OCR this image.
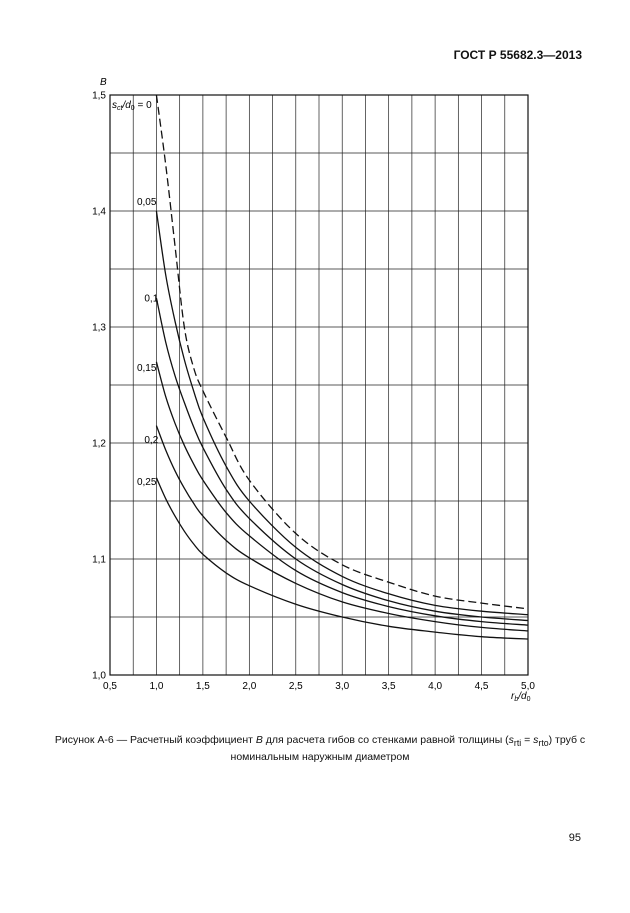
ГОСТ Р 55682.3—2013
0,5	1,0	1,5	2,0	2,5	3,0	3,5	4,0	4,5	5,0
1,0
1,1
1,2
1,3
1,4
1,5
0,05
0,1
0,15
0,2
0,25
B
$s_{ct}/d_0 = 0$
$r_b/d_0$
Рисунок А-6 — Расчетный коэффициент B для расчета гибов со стенками равной толщины $(s_{rti} = s_{rto})$ труб с
номинальным наружным диаметром
95
